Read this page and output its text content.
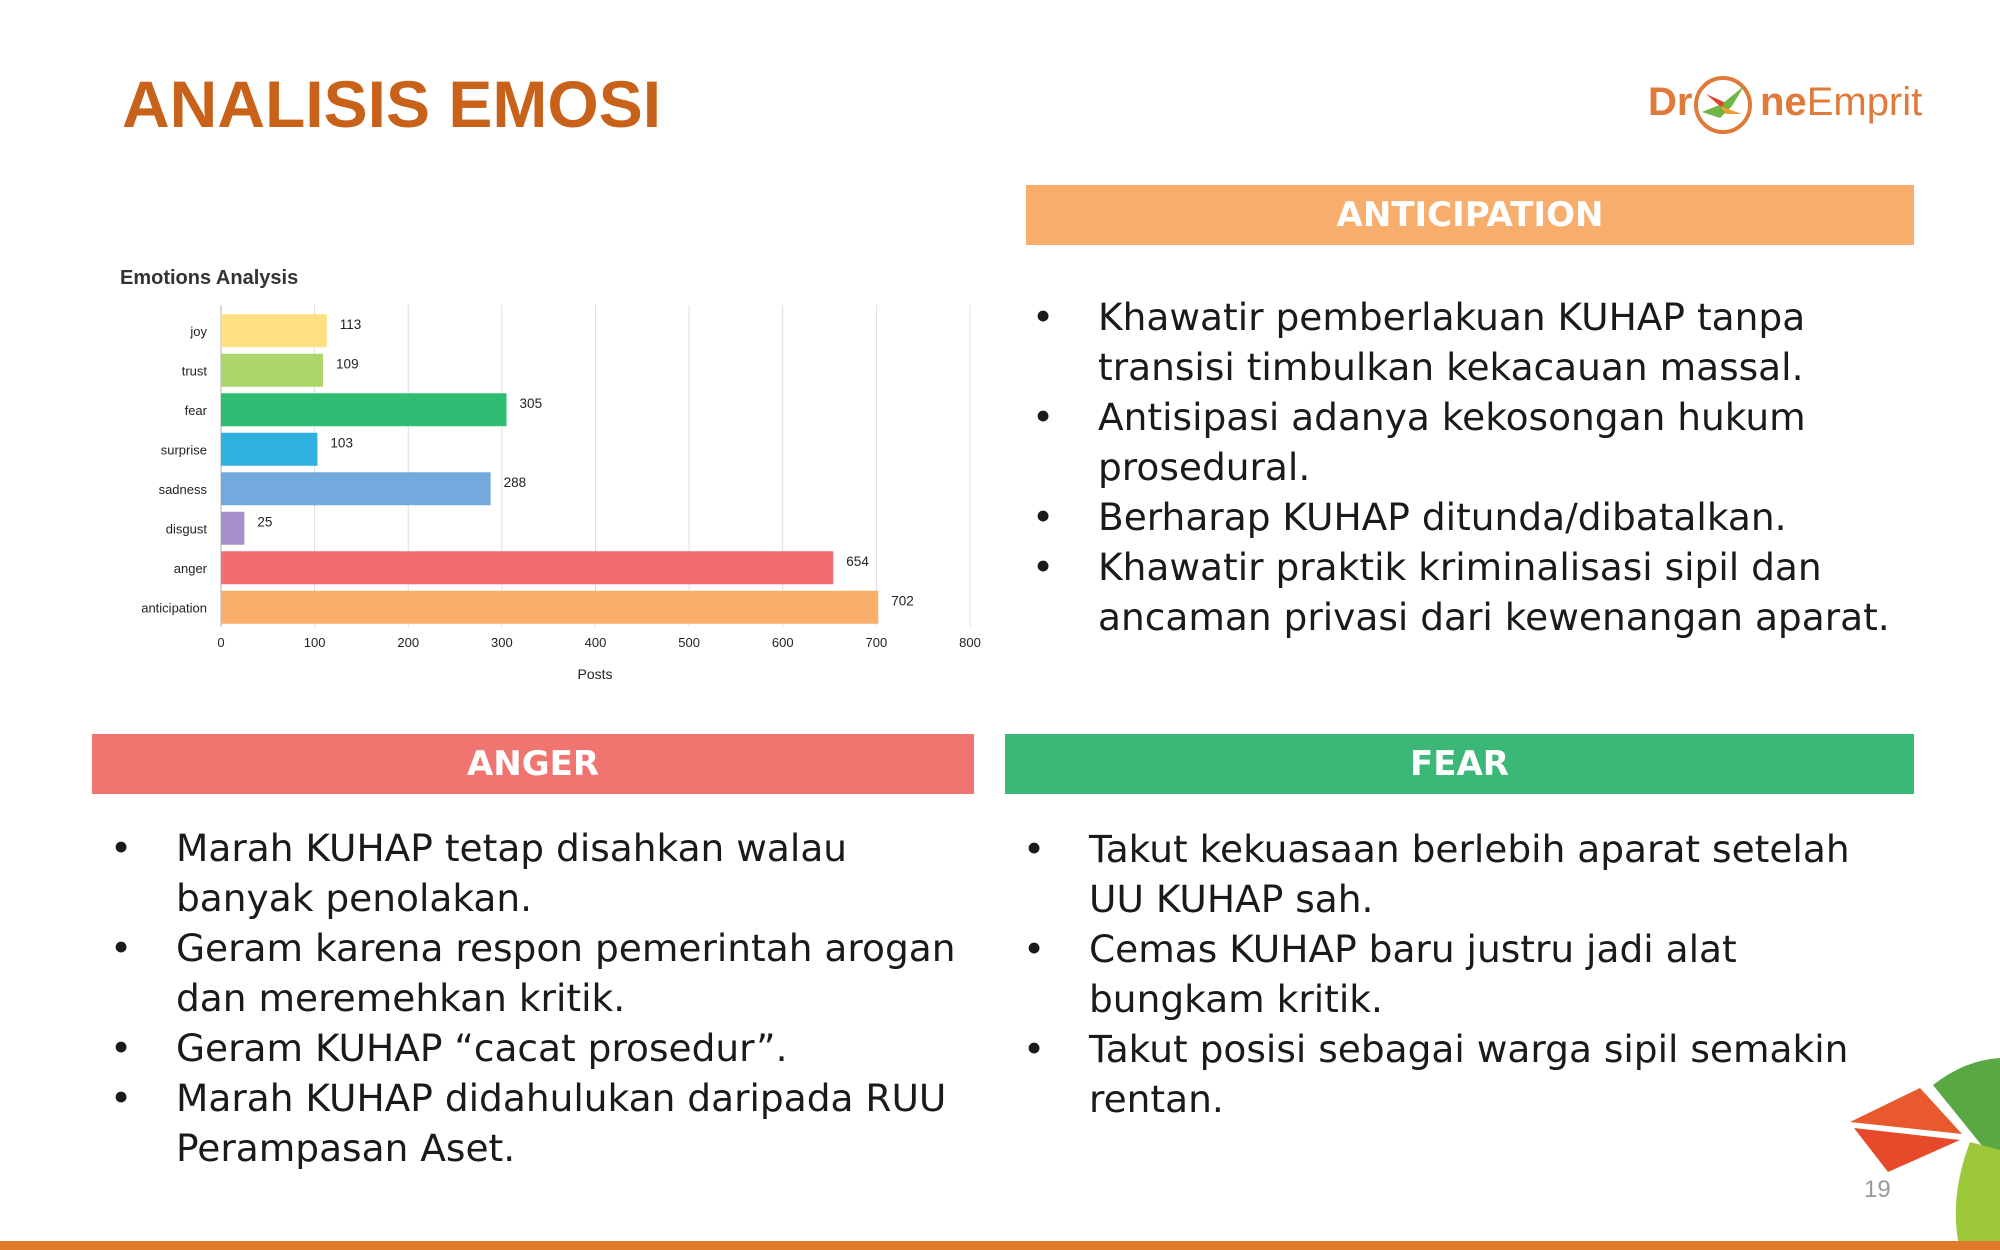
ANALISIS EMOSI	Dr neEmprit
Emotions Analysis
0	100	200	300	400	500	600	700	800
joy	113
trust	109
fear	305
surprise	103
sadness	288
disgust	25
anger	654
anticipation	702
Posts
ANTICIPATION
• Khawatir pemberlakuan KUHAP tanpa transisi timbulkan kekacauan massal.
• Antisipasi adanya kekosongan hukum prosedural.
• Berharap KUHAP ditunda/dibatalkan.
• Khawatir praktik kriminalisasi sipil dan ancaman privasi dari kewenangan aparat.
ANGER
• Marah KUHAP tetap disahkan walau banyak penolakan.
• Geram karena respon pemerintah arogan dan meremehkan kritik.
• Geram KUHAP “cacat prosedur”.
• Marah KUHAP didahulukan daripada RUU Perampasan Aset.
FEAR
• Takut kekuasaan berlebih aparat setelah UU KUHAP sah.
• Cemas KUHAP baru justru jadi alat bungkam kritik.
• Takut posisi sebagai warga sipil semakin rentan.
19
